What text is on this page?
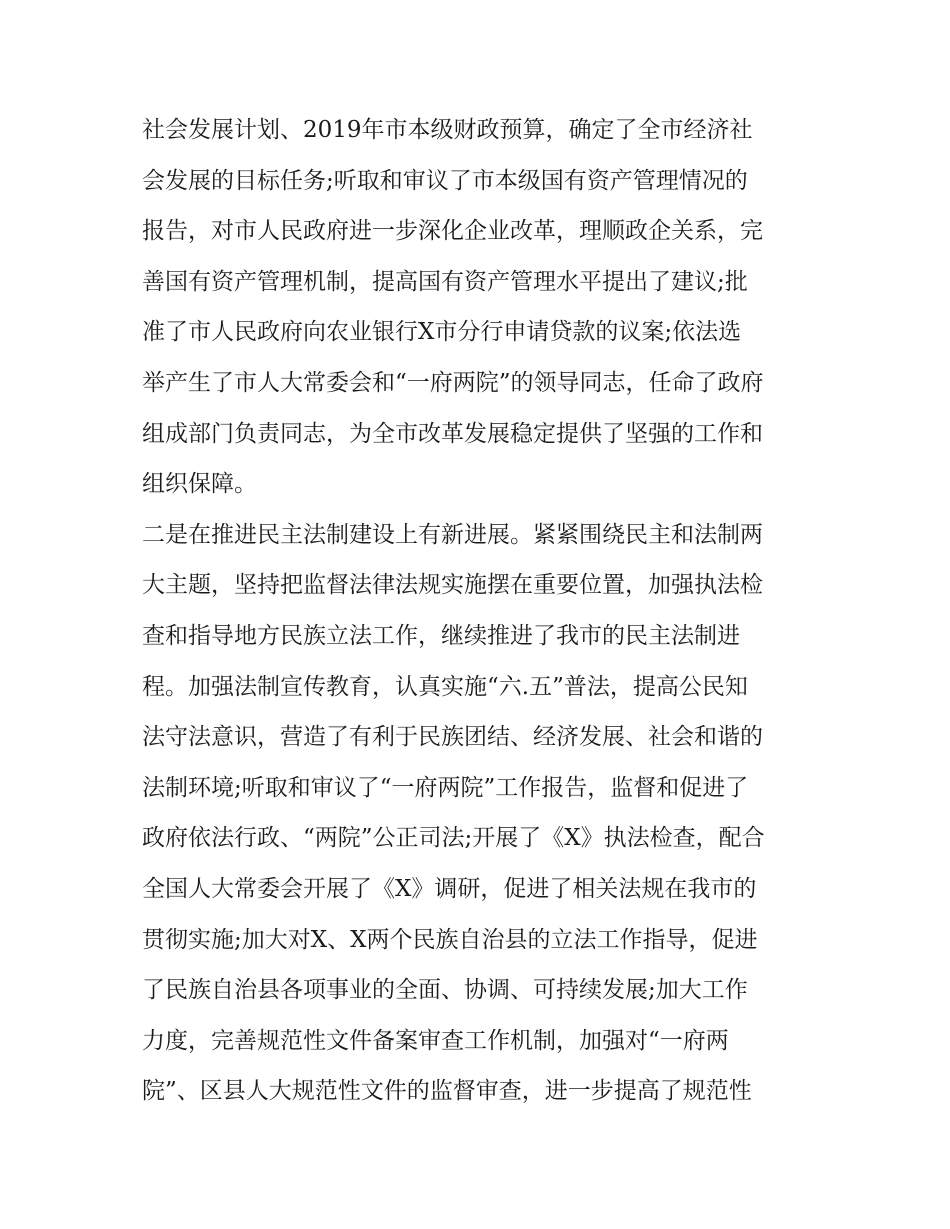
社会发展计划、2019年市本级财政预算，确定了全市经济社
会发展的目标任务;听取和审议了市本级国有资产管理情况的
报告，对市人民政府进一步深化企业改革，理顺政企关系，完
善国有资产管理机制，提高国有资产管理水平提出了建议;批
准了市人民政府向农业银行X市分行申请贷款的议案;依法选
举产生了市人大常委会和“一府两院”的领导同志，任命了政府
组成部门负责同志，为全市改革发展稳定提供了坚强的工作和
组织保障。
二是在推进民主法制建设上有新进展。紧紧围绕民主和法制两
大主题，坚持把监督法律法规实施摆在重要位置，加强执法检
查和指导地方民族立法工作，继续推进了我市的民主法制进
程。加强法制宣传教育，认真实施“六.五”普法，提高公民知
法守法意识，营造了有利于民族团结、经济发展、社会和谐的
法制环境;听取和审议了“一府两院”工作报告，监督和促进了
政府依法行政、“两院”公正司法;开展了《X》执法检查，配合
全国人大常委会开展了《X》调研，促进了相关法规在我市的
贯彻实施;加大对X、X两个民族自治县的立法工作指导，促进
了民族自治县各项事业的全面、协调、可持续发展;加大工作
力度，完善规范性文件备案审查工作机制，加强对“一府两
院”、区县人大规范性文件的监督审查，进一步提高了规范性
